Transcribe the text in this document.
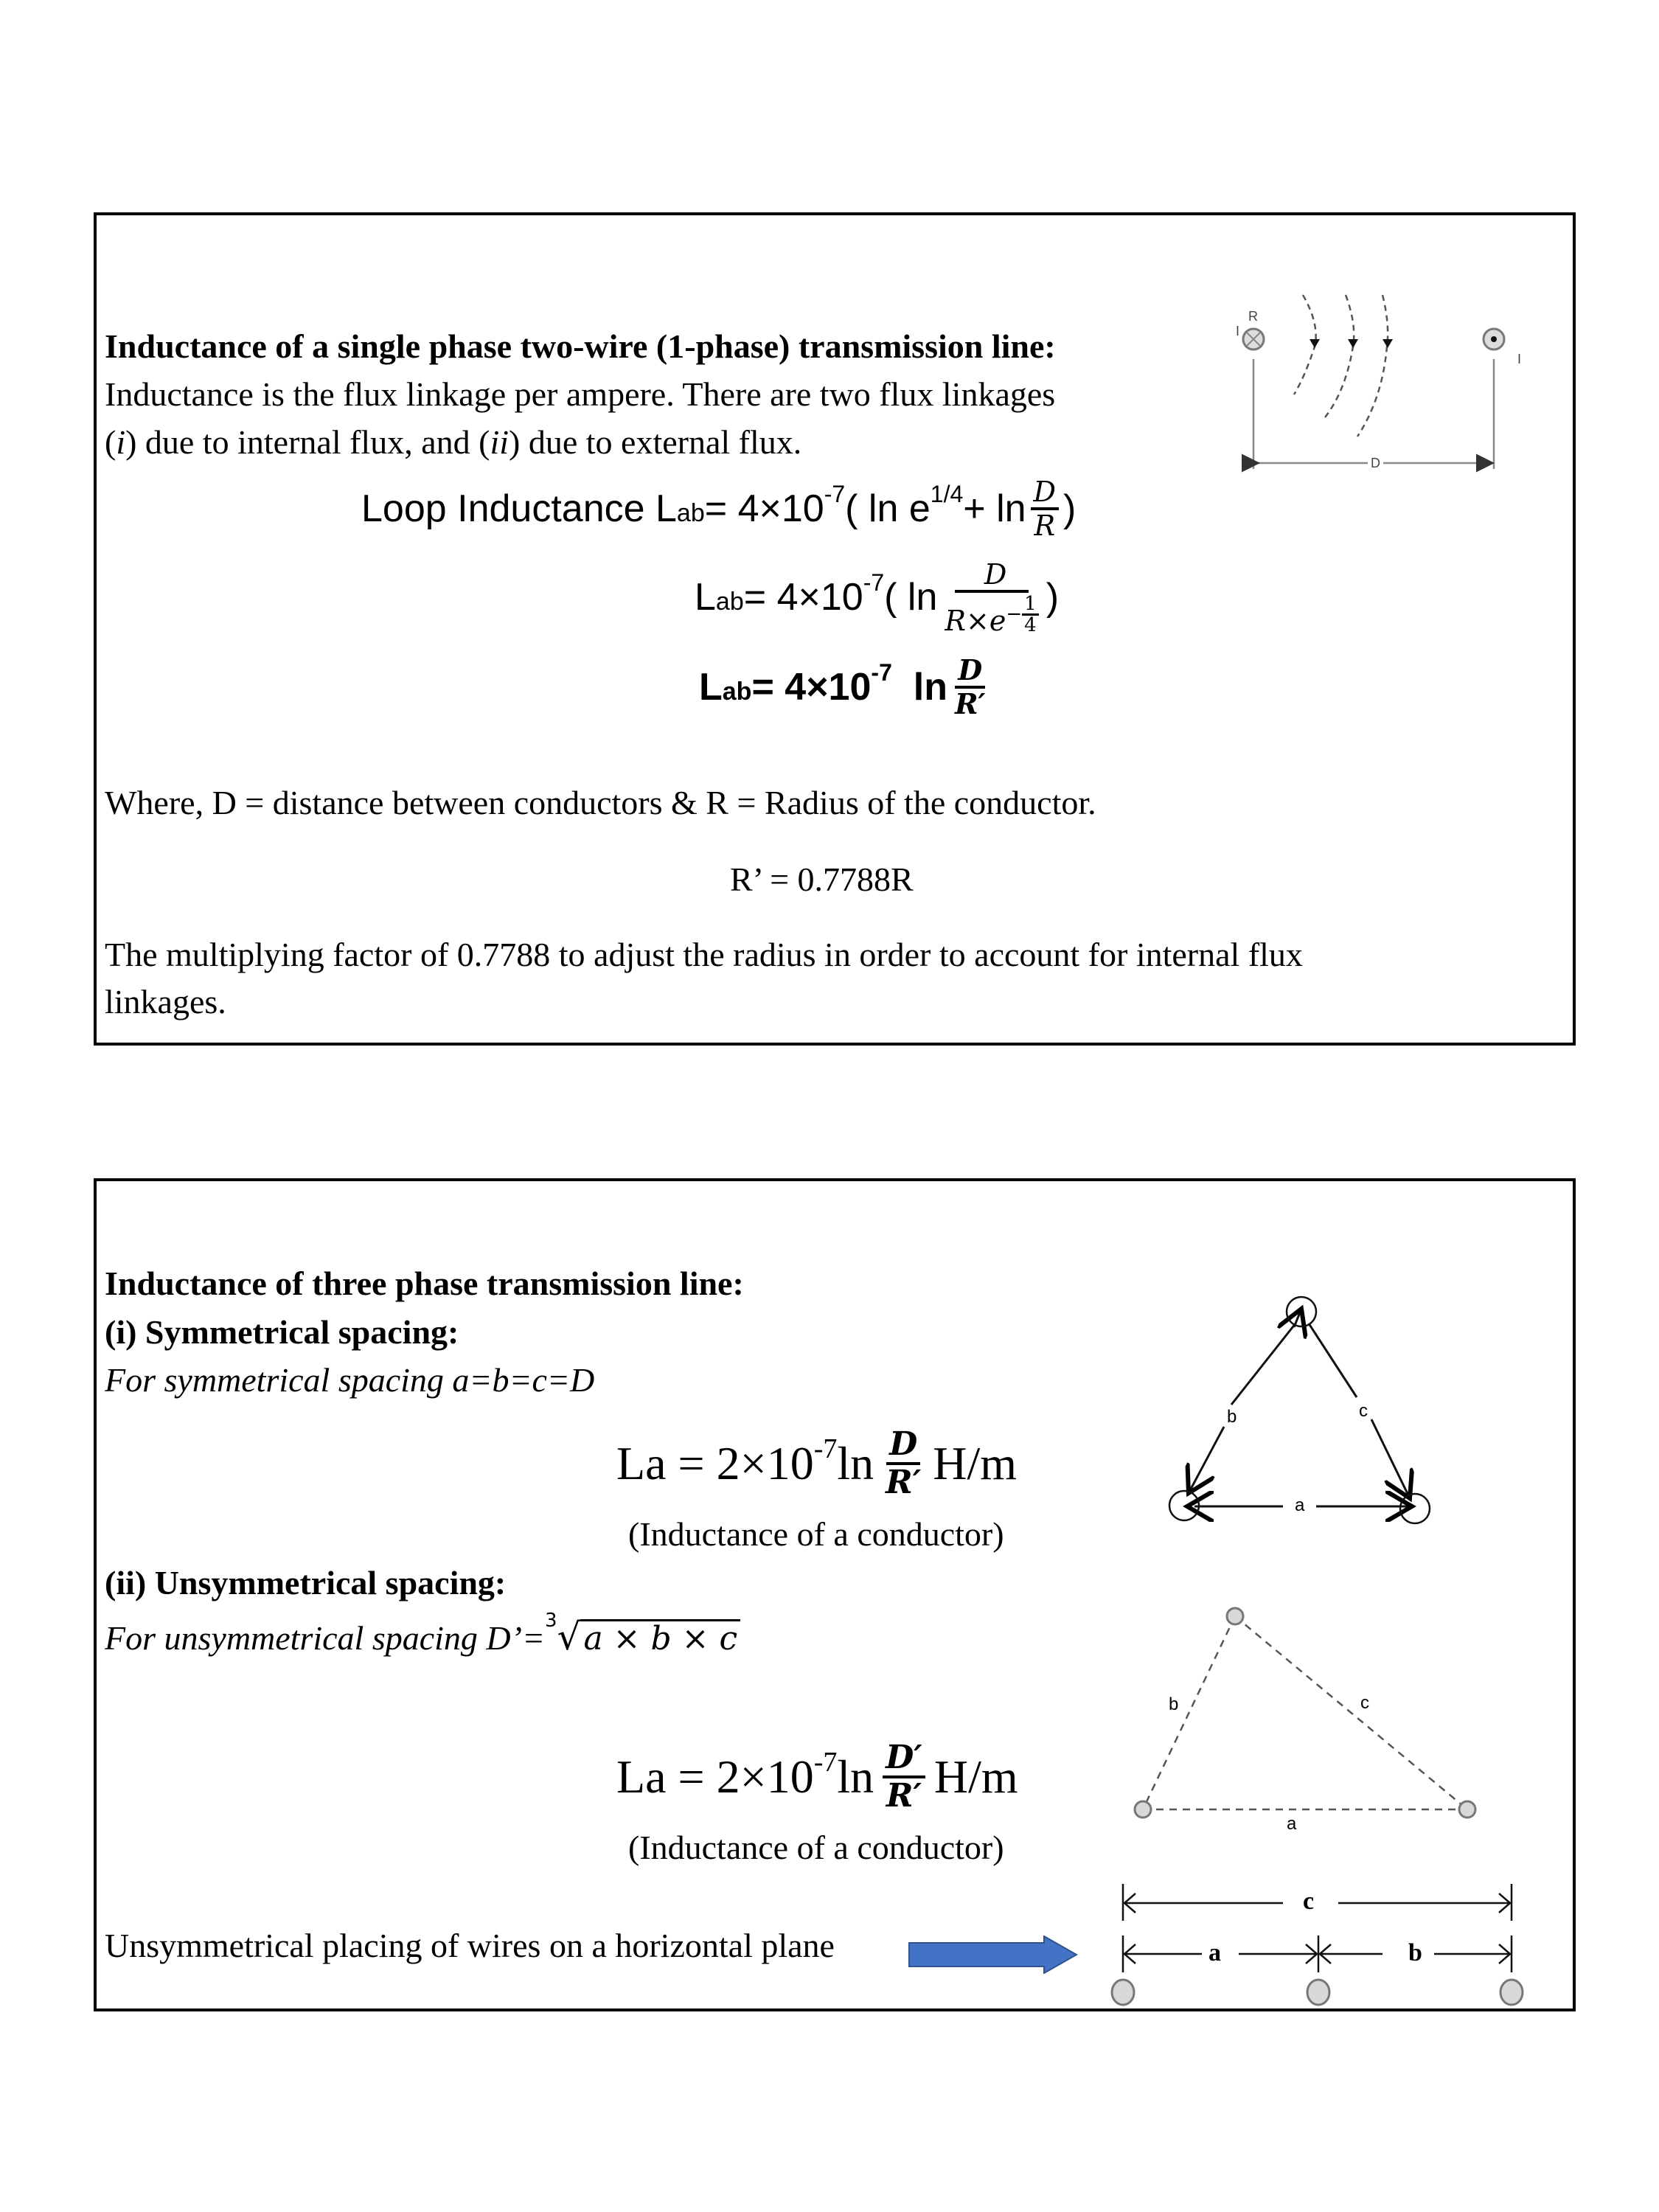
Inductance of a single phase two-wire (1-phase) transmission line:
Inductance is the flux linkage per ampere. There are two flux linkages
(i) due to internal flux, and (ii) due to external flux.
Loop Inductance L ab = 4×10 -7 ( ln e $1/4 + \ln \frac{D}{R}$ )
L ab = 4×10 -7 ( $\ln \frac{D}{R\times e - \frac{1}{4}}$ )
L ab = 4×10 -7 $\ln \frac{D}{R'}$
Where, D = distance between conductors & R = Radius of the conductor.
R’ = 0.7788R
The multiplying factor of 0.7788 to adjust the radius in order to account for internal flux
linkages.
R
I
I
D
Inductance of three phase transmission line:
(i) Symmetrical spacing:
For symmetrical spacing a=b=c=D
La = 2×10 -7 $\ln \frac{D}{R'} H/m$
(Inductance of a conductor)
(ii) Unsymmetrical spacing:
For unsymmetrical spacing D’= 3 √ a × b × c
La = 2×10 -7 $\ln \frac{D'}{R'} H/m$
(Inductance of a conductor)
Unsymmetrical placing of wires on a horizontal plane
b	c
a
b	c
a
c
a	b
